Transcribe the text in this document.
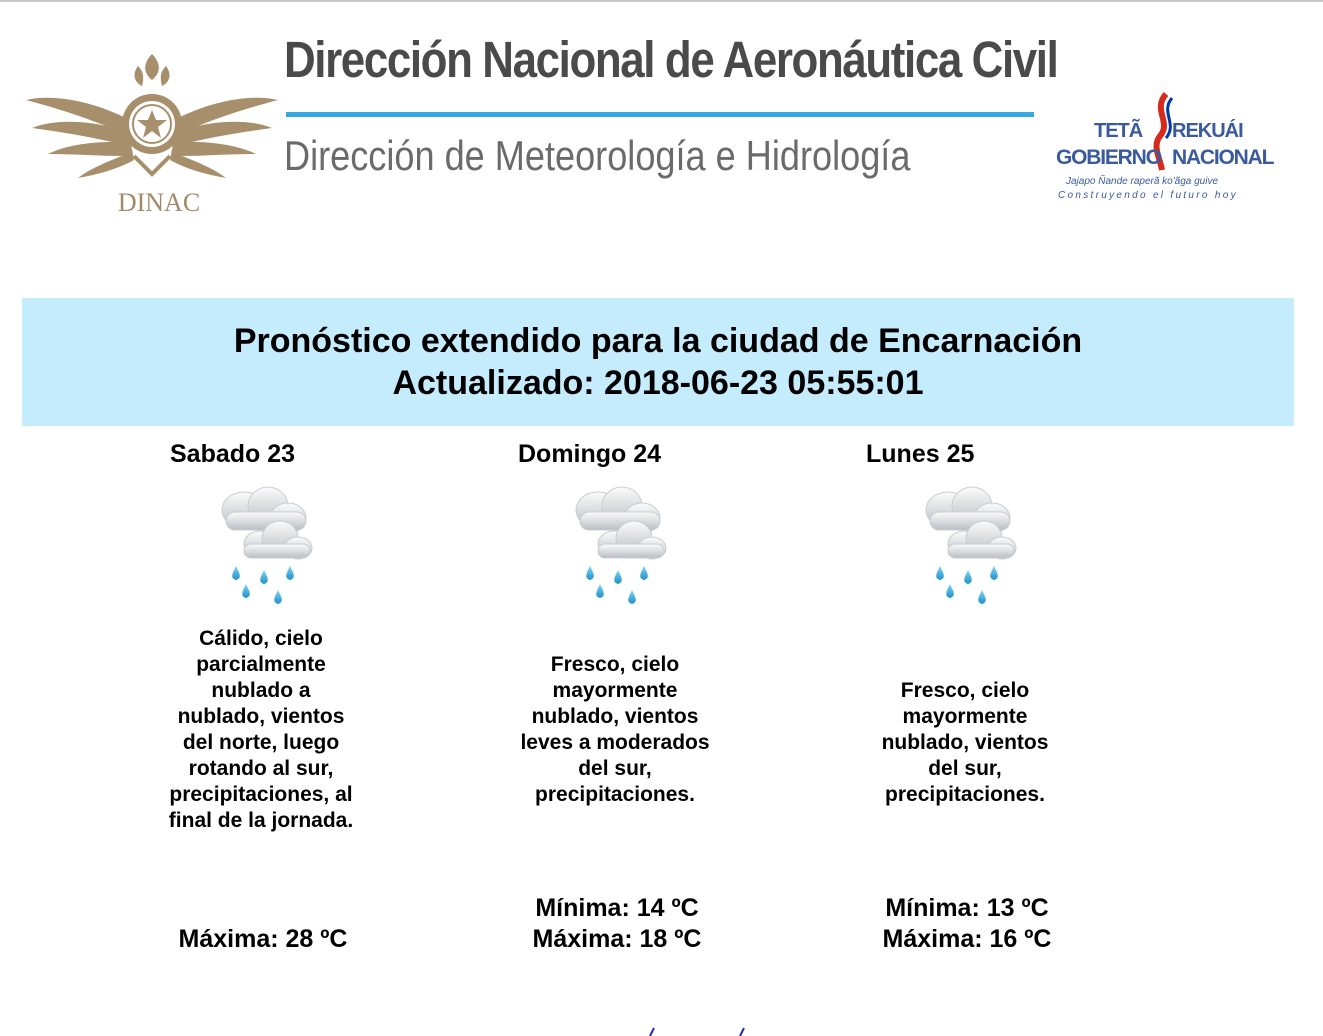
DINAC
Dirección Nacional de Aeronáutica Civil
Dirección de Meteorología e Hidrología
TETÃ REKUÁI
GOBIERNO NACIONAL
Jajapo Ñande raperã ko'ãga guive
Construyendo el futuro hoy
Pronóstico extendido para la ciudad de Encarnación
Actualizado: 2018-06-23 05:55:01
Sabado 23
Cálido, cielo parcialmente nublado a nublado, vientos del norte, luego rotando al sur, precipitaciones, al final de la jornada.
Máxima: 28 ºC
Domingo 24
Fresco, cielo mayormente nublado, vientos leves a moderados del sur, precipitaciones.
Mínima: 14 ºC
Máxima: 18 ºC
Lunes 25
Fresco, cielo mayormente nublado, vientos del sur, precipitaciones.
Mínima: 13 ºC
Máxima: 16 ºC
